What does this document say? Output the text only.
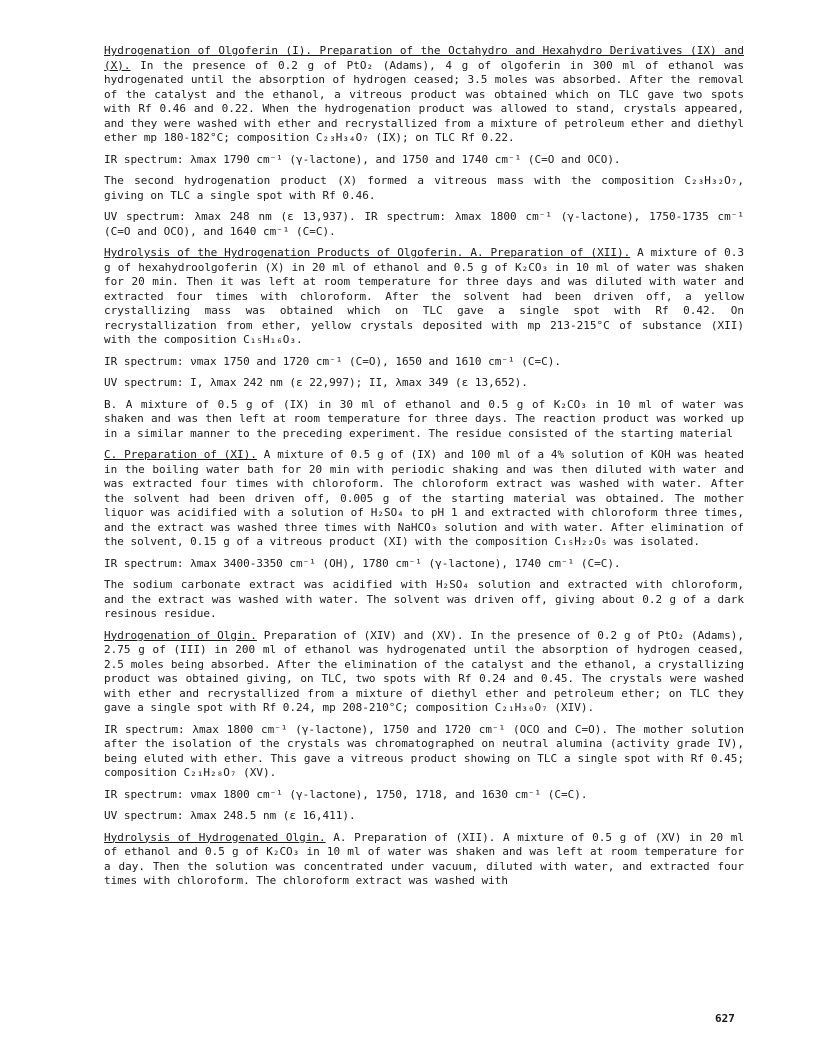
Hydrogenation of Olgoferin (I). Preparation of the Octahydro and Hexahydro Derivatives (IX) and (X). In the presence of 0.2 g of PtO₂ (Adams), 4 g of olgoferin in 300 ml of ethanol was hydrogenated until the absorption of hydrogen ceased; 3.5 moles was absorbed. After the removal of the catalyst and the ethanol, a vitreous product was obtained which on TLC gave two spots with Rf 0.46 and 0.22. When the hydrogenation product was allowed to stand, crystals appeared, and they were washed with ether and recrystallized from a mixture of petroleum ether and diethyl ether mp 180-182°C; composition C₂₃H₃₄O₇ (IX); on TLC Rf 0.22.

IR spectrum: λmax 1790 cm⁻¹ (γ-lactone), and 1750 and 1740 cm⁻¹ (C=O and OCO).

The second hydrogenation product (X) formed a vitreous mass with the composition C₂₃H₃₂O₇, giving on TLC a single spot with Rf 0.46.

UV spectrum: λmax 248 nm (ε 13,937). IR spectrum: λmax 1800 cm⁻¹ (γ-lactone), 1750-1735 cm⁻¹ (C=O and OCO), and 1640 cm⁻¹ (C=C).

Hydrolysis of the Hydrogenation Products of Olgoferin. A. Preparation of (XII). A mixture of 0.3 g of hexahydroolgoferin (X) in 20 ml of ethanol and 0.5 g of K₂CO₃ in 10 ml of water was shaken for 20 min. Then it was left at room temperature for three days and was diluted with water and extracted four times with chloroform. After the solvent had been driven off, a yellow crystallizing mass was obtained which on TLC gave a single spot with Rf 0.42. On recrystallization from ether, yellow crystals deposited with mp 213-215°C of substance (XII) with the composition C₁₅H₁₆O₃.

IR spectrum: νmax 1750 and 1720 cm⁻¹ (C=O), 1650 and 1610 cm⁻¹ (C=C).

UV spectrum: I, λmax 242 nm (ε 22,997); II, λmax 349 (ε 13,652).

B. A mixture of 0.5 g of (IX) in 30 ml of ethanol and 0.5 g of K₂CO₃ in 10 ml of water was shaken and was then left at room temperature for three days. The reaction product was worked up in a similar manner to the preceding experiment. The residue consisted of the starting material

C. Preparation of (XI). A mixture of 0.5 g of (IX) and 100 ml of a 4% solution of KOH was heated in the boiling water bath for 20 min with periodic shaking and was then diluted with water and was extracted four times with chloroform. The chloroform extract was washed with water. After the solvent had been driven off, 0.005 g of the starting material was obtained. The mother liquor was acidified with a solution of H₂SO₄ to pH 1 and extracted with chloroform three times, and the extract was washed three times with NaHCO₃ solution and with water. After elimination of the solvent, 0.15 g of a vitreous product (XI) with the composition C₁₅H₂₂O₅ was isolated.

IR spectrum: λmax 3400-3350 cm⁻¹ (OH), 1780 cm⁻¹ (γ-lactone), 1740 cm⁻¹ (C=C).

The sodium carbonate extract was acidified with H₂SO₄ solution and extracted with chloroform, and the extract was washed with water. The solvent was driven off, giving about 0.2 g of a dark resinous residue.

Hydrogenation of Olgin. Preparation of (XIV) and (XV). In the presence of 0.2 g of PtO₂ (Adams), 2.75 g of (III) in 200 ml of ethanol was hydrogenated until the absorption of hydrogen ceased, 2.5 moles being absorbed. After the elimination of the catalyst and the ethanol, a crystallizing product was obtained giving, on TLC, two spots with Rf 0.24 and 0.45. The crystals were washed with ether and recrystallized from a mixture of diethyl ether and petroleum ether; on TLC they gave a single spot with Rf 0.24, mp 208-210°C; composition C₂₁H₃₀O₇ (XIV).

IR spectrum: λmax 1800 cm⁻¹ (γ-lactone), 1750 and 1720 cm⁻¹ (OCO and C=O). The mother solution after the isolation of the crystals was chromatographed on neutral alumina (activity grade IV), being eluted with ether. This gave a vitreous product showing on TLC a single spot with Rf 0.45; composition C₂₁H₂₈O₇ (XV).

IR spectrum: νmax 1800 cm⁻¹ (γ-lactone), 1750, 1718, and 1630 cm⁻¹ (C=C).

UV spectrum: λmax 248.5 nm (ε 16,411).

Hydrolysis of Hydrogenated Olgin. A. Preparation of (XII). A mixture of 0.5 g of (XV) in 20 ml of ethanol and 0.5 g of K₂CO₃ in 10 ml of water was shaken and was left at room temperature for a day. Then the solution was concentrated under vacuum, diluted with water, and extracted four times with chloroform. The chloroform extract was washed with

627
